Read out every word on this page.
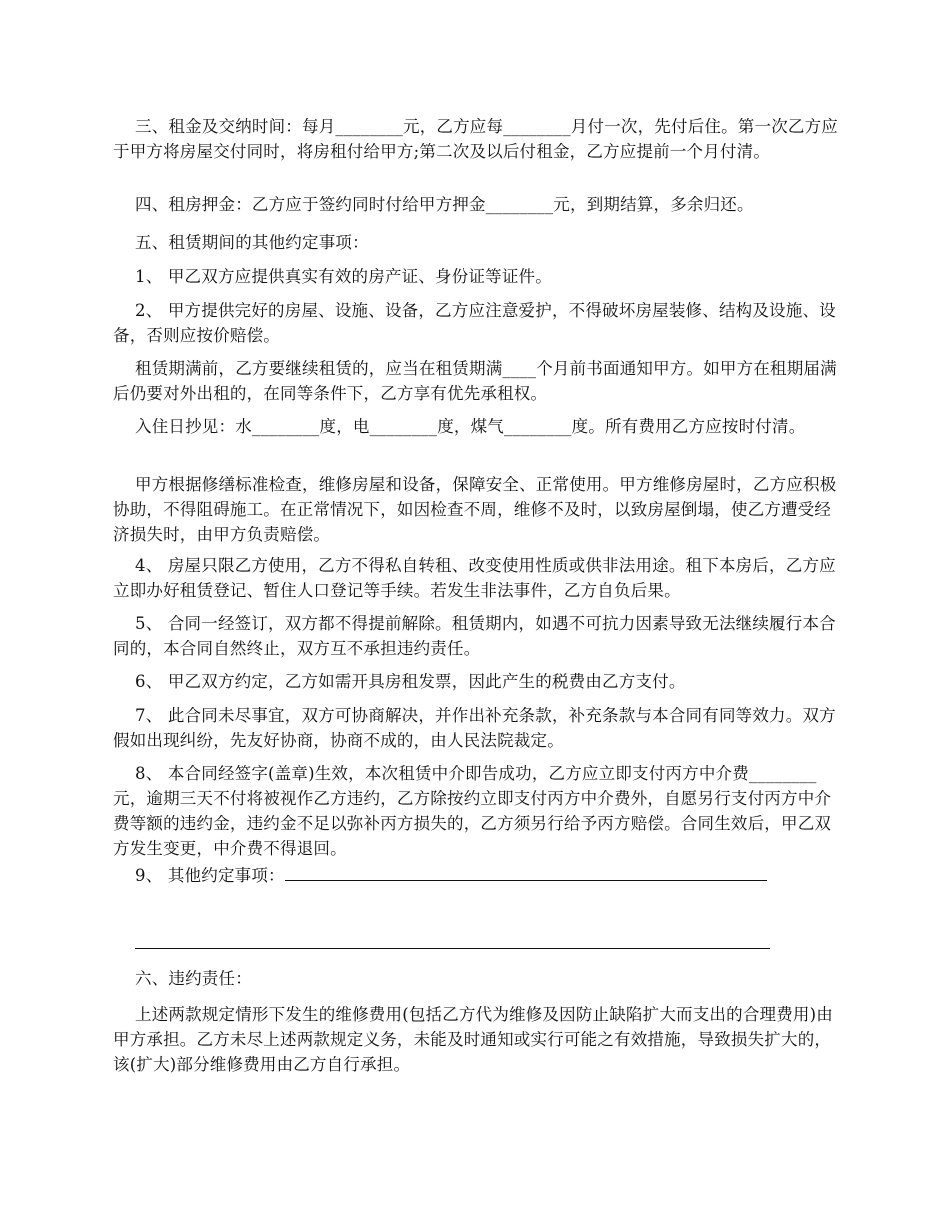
三、租金及交纳时间：每月________元，乙方应每________月付一次，先付后住。第一次乙方应于甲方将房屋交付同时，将房租付给甲方;第二次及以后付租金，乙方应提前一个月付清。

四、租房押金：乙方应于签约同时付给甲方押金________元，到期结算，多余归还。

五、租赁期间的其他约定事项：

1、 甲乙双方应提供真实有效的房产证、身份证等证件。

2、 甲方提供完好的房屋、设施、设备，乙方应注意爱护，不得破坏房屋装修、结构及设施、设备，否则应按价赔偿。

租赁期满前，乙方要继续租赁的，应当在租赁期满____个月前书面通知甲方。如甲方在租期届满后仍要对外出租的，在同等条件下，乙方享有优先承租权。

入住日抄见：水________度，电________度，煤气________度。所有费用乙方应按时付清。

甲方根据修缮标准检查，维修房屋和设备，保障安全、正常使用。甲方维修房屋时，乙方应积极协助，不得阻碍施工。在正常情况下，如因检查不周，维修不及时，以致房屋倒塌，使乙方遭受经济损失时，由甲方负责赔偿。

4、 房屋只限乙方使用，乙方不得私自转租、改变使用性质或供非法用途。租下本房后，乙方应立即办好租赁登记、暂住人口登记等手续。若发生非法事件，乙方自负后果。

5、 合同一经签订，双方都不得提前解除。租赁期内，如遇不可抗力因素导致无法继续履行本合同的，本合同自然终止，双方互不承担违约责任。

6、 甲乙双方约定，乙方如需开具房租发票，因此产生的税费由乙方支付。

7、 此合同未尽事宜，双方可协商解决，并作出补充条款，补充条款与本合同有同等效力。双方假如出现纠纷，先友好协商，协商不成的，由人民法院裁定。

8、 本合同经签字(盖章)生效，本次租赁中介即告成功，乙方应立即支付丙方中介费________元，逾期三天不付将被视作乙方违约，乙方除按约立即支付丙方中介费外，自愿另行支付丙方中介费等额的违约金，违约金不足以弥补丙方损失的，乙方须另行给予丙方赔偿。合同生效后，甲乙双方发生变更，中介费不得退回。

9、 其他约定事项：

六、违约责任：

上述两款规定情形下发生的维修费用(包括乙方代为维修及因防止缺陷扩大而支出的合理费用)由甲方承担。乙方未尽上述两款规定义务，未能及时通知或实行可能之有效措施，导致损失扩大的，该(扩大)部分维修费用由乙方自行承担。
